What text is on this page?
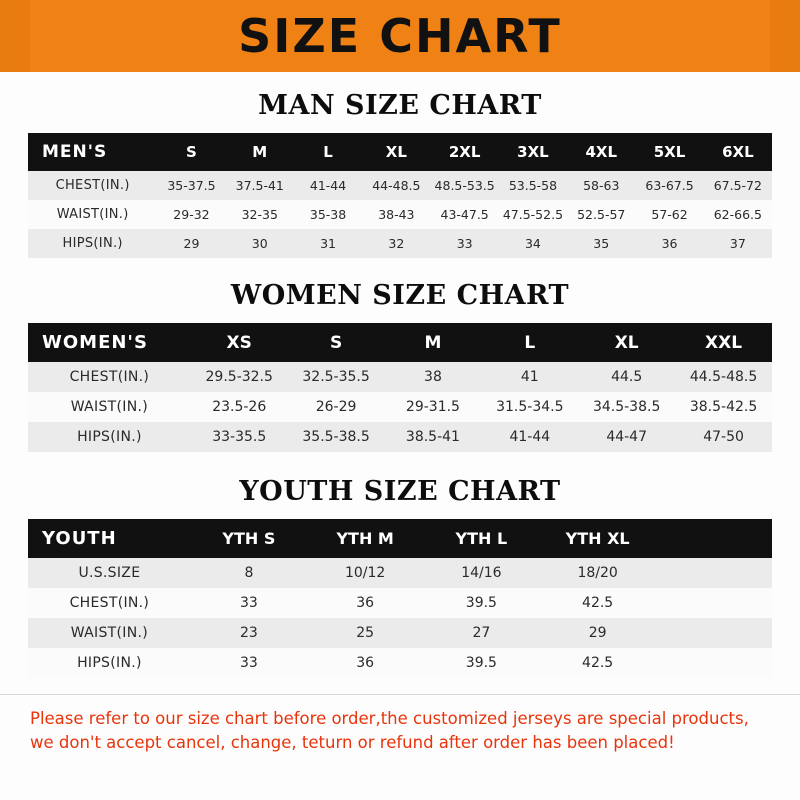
SIZE CHART
MAN SIZE CHART
MEN'S	S	M	L	XL	2XL	3XL	4XL	5XL	6XL
CHEST(IN.)	35-37.5	37.5-41	41-44	44-48.5	48.5-53.5	53.5-58	58-63	63-67.5	67.5-72
WAIST(IN.)	29-32	32-35	35-38	38-43	43-47.5	47.5-52.5	52.5-57	57-62	62-66.5
HIPS(IN.)	29	30	31	32	33	34	35	36	37
WOMEN SIZE CHART
WOMEN'S	XS	S	M	L	XL	XXL
CHEST(IN.)	29.5-32.5	32.5-35.5	38	41	44.5	44.5-48.5
WAIST(IN.)	23.5-26	26-29	29-31.5	31.5-34.5	34.5-38.5	38.5-42.5
HIPS(IN.)	33-35.5	35.5-38.5	38.5-41	41-44	44-47	47-50
YOUTH SIZE CHART
YOUTH	YTH S	YTH M	YTH L	YTH XL	
U.S.SIZE	8	10/12	14/16	18/20	
CHEST(IN.)	33	36	39.5	42.5	
WAIST(IN.)	23	25	27	29	
HIPS(IN.)	33	36	39.5	42.5	

Please refer to our size chart before order,the customized jerseys are special products,

we don't accept cancel, change, teturn or refund after order has been placed!
